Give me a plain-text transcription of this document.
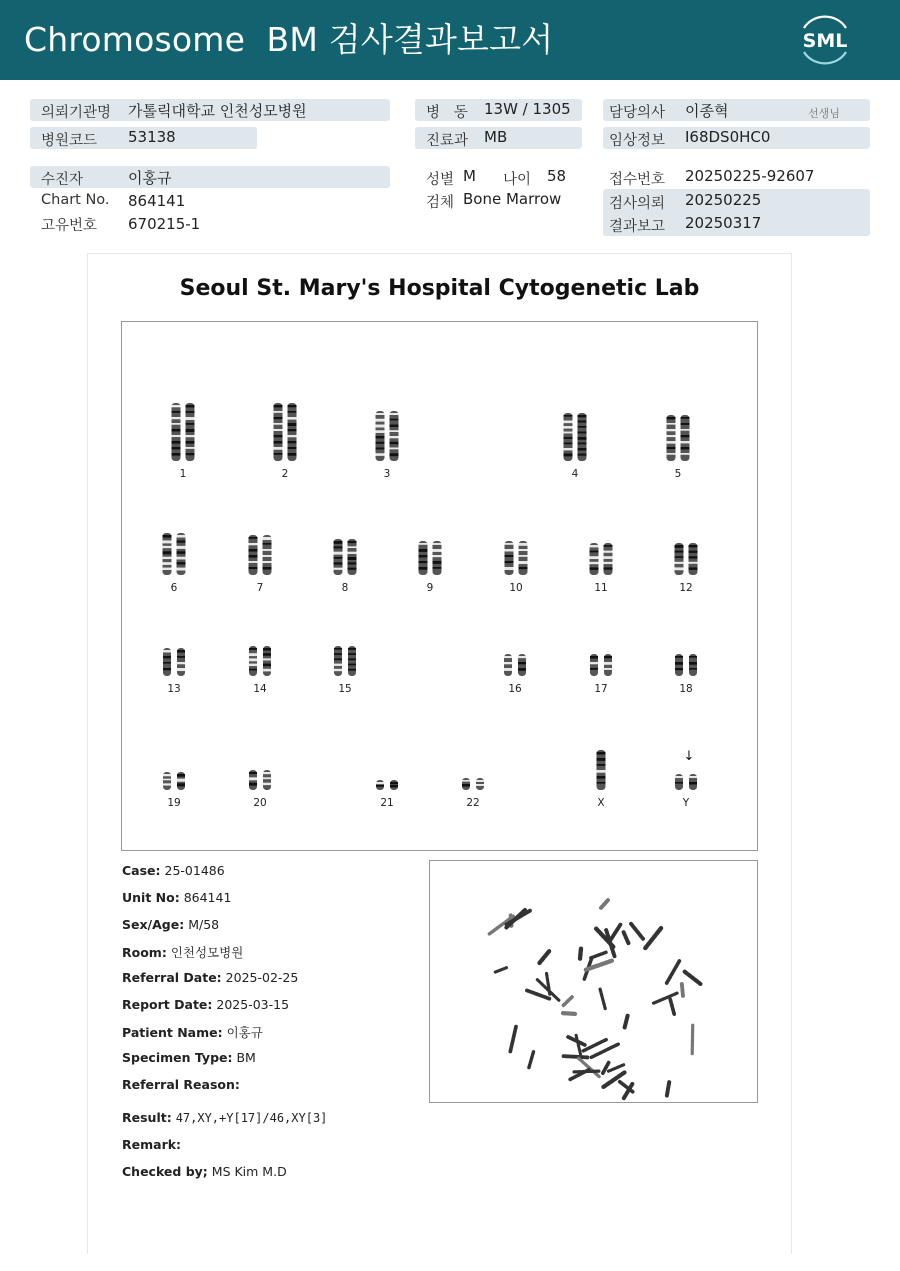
Chromosome  BM 검사결과보고서	SML
의뢰기관명 가톨릭대학교 인천성모병원
병원코드 53138
병   동 13W / 1305
진료과 MB
담당의사 이종혁	선생님
임상정보 I68DS0HC0
수진자	이홍규
Chart No. 864141
고유번호 670215-1
성별 M 나이 58
검체 Bone Marrow
접수번호 20250225-92607
검사의뢰 20250225
결과보고 20250317
Seoul St. Mary's Hospital Cytogenetic Lab
1	2	3	4	5
6	7	8	9	10	11	12
13	14	15	16	17	18
19	20	21	22	X	Y
↓
Case: 25-01486
Unit No: 864141
Sex/Age: M/58
Room: 인천성모병원
Referral Date: 2025-02-25
Report Date: 2025-03-15
Patient Name: 이홍규
Specimen Type: BM
Referral Reason:
Result: 47,XY,+Y[17]/46,XY[3]
Remark:
Checked by; MS Kim M.D
